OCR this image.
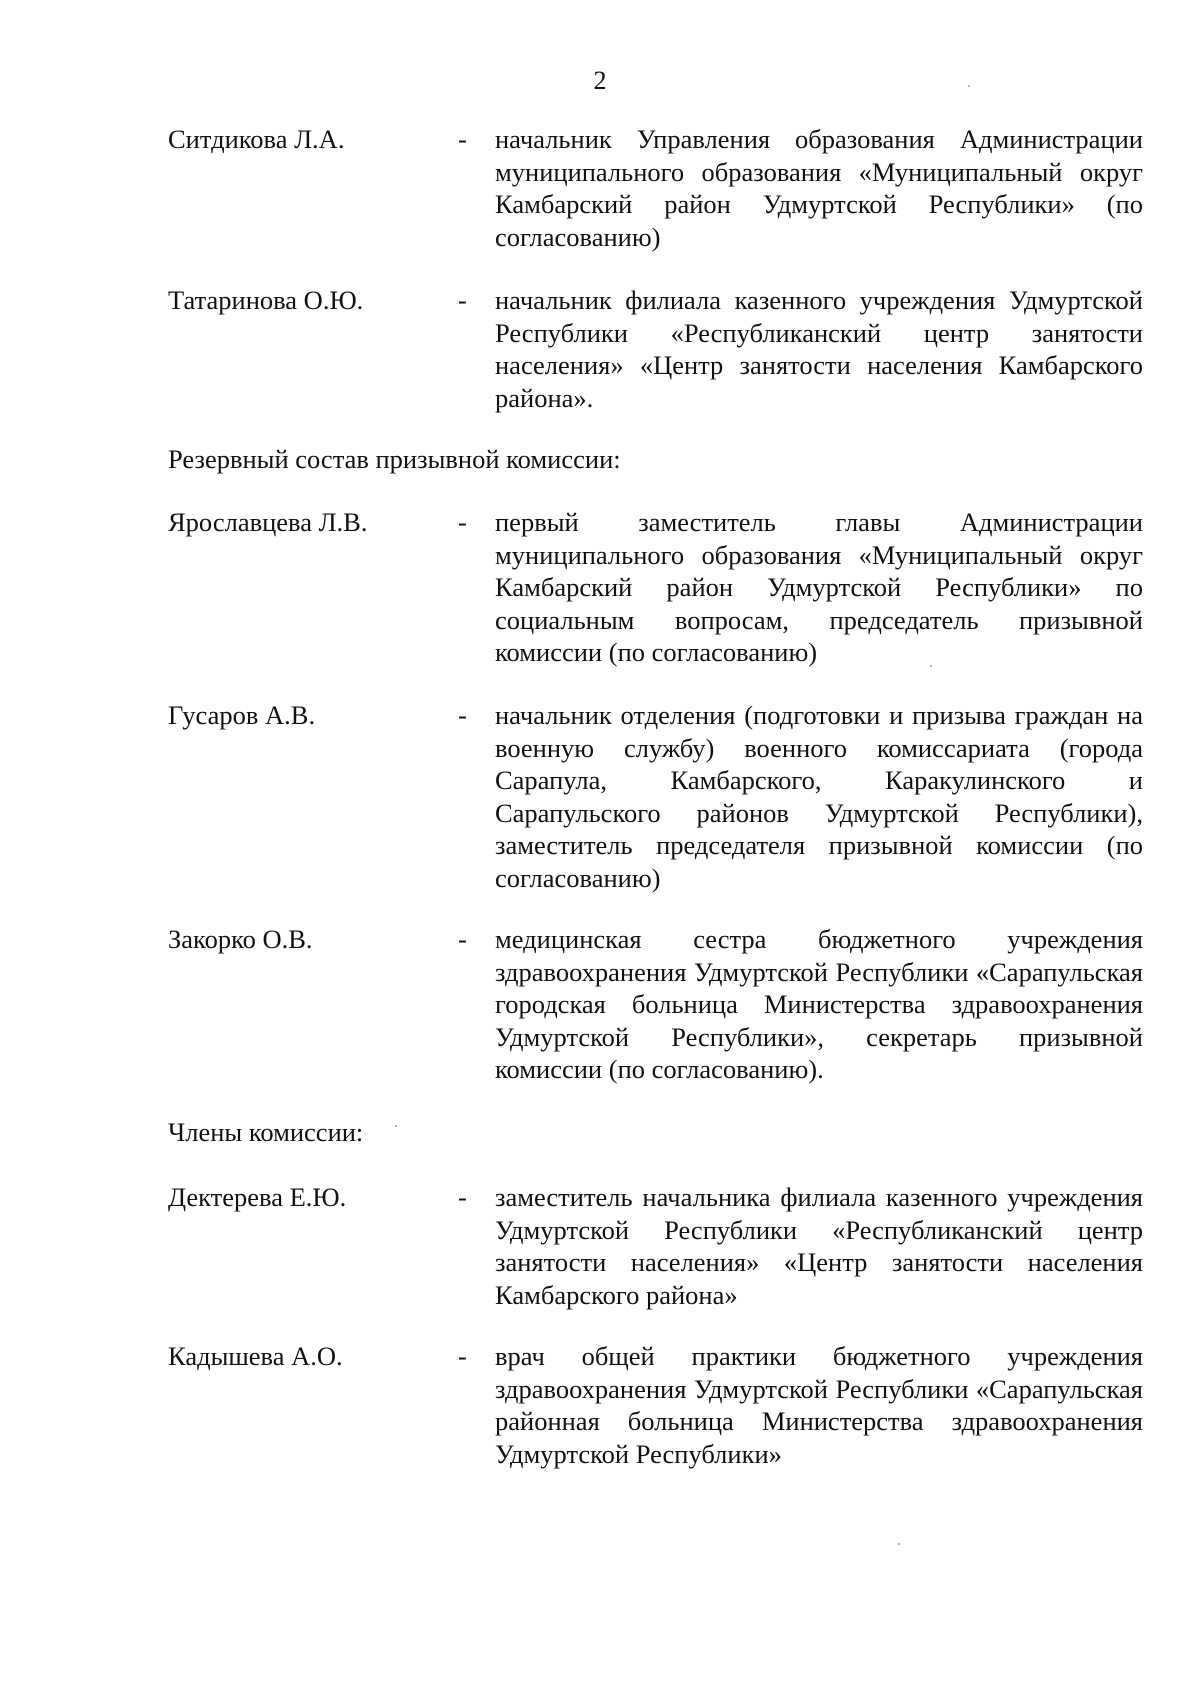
2
Ситдикова Л.А.	- начальник Управления образования Администрации муниципального образования «Муниципальный округ Камбарский район Удмуртской Республики» (по согласованию)
Татаринова О.Ю.	- начальник филиала казенного учреждения Удмуртской Республики «Республиканский центр занятости населения» «Центр занятости населения Камбарского района».
Резервный состав призывной комиссии:
Ярославцева Л.В.	- первый заместитель главы Администрации муниципального образования «Муниципальный округ Камбарский район Удмуртской Республики» по социальным вопросам, председатель призывной комиссии (по согласованию)
Гусаров А.В.	- начальник отделения (подготовки и призыва граждан на военную службу) военного комиссариата (города Сарапула, Камбарского, Каракулинского и Сарапульского районов Удмуртской Республики), заместитель председателя призывной комиссии (по согласованию)
Закорко О.В.	- медицинская сестра бюджетного учреждения здравоохранения Удмуртской Республики «Сарапульская городская больница Министерства здравоохранения Удмуртской Республики», секретарь призывной комиссии (по согласованию).
Члены комиссии:
Дектерева Е.Ю.	- заместитель начальника филиала казенного учреждения Удмуртской Республики «Республиканский центр занятости населения» «Центр занятости населения Камбарского района»
Кадышева А.О.	- врач общей практики бюджетного учреждения здравоохранения Удмуртской Республики «Сарапульская районная больница Министерства здравоохранения Удмуртской Республики»
